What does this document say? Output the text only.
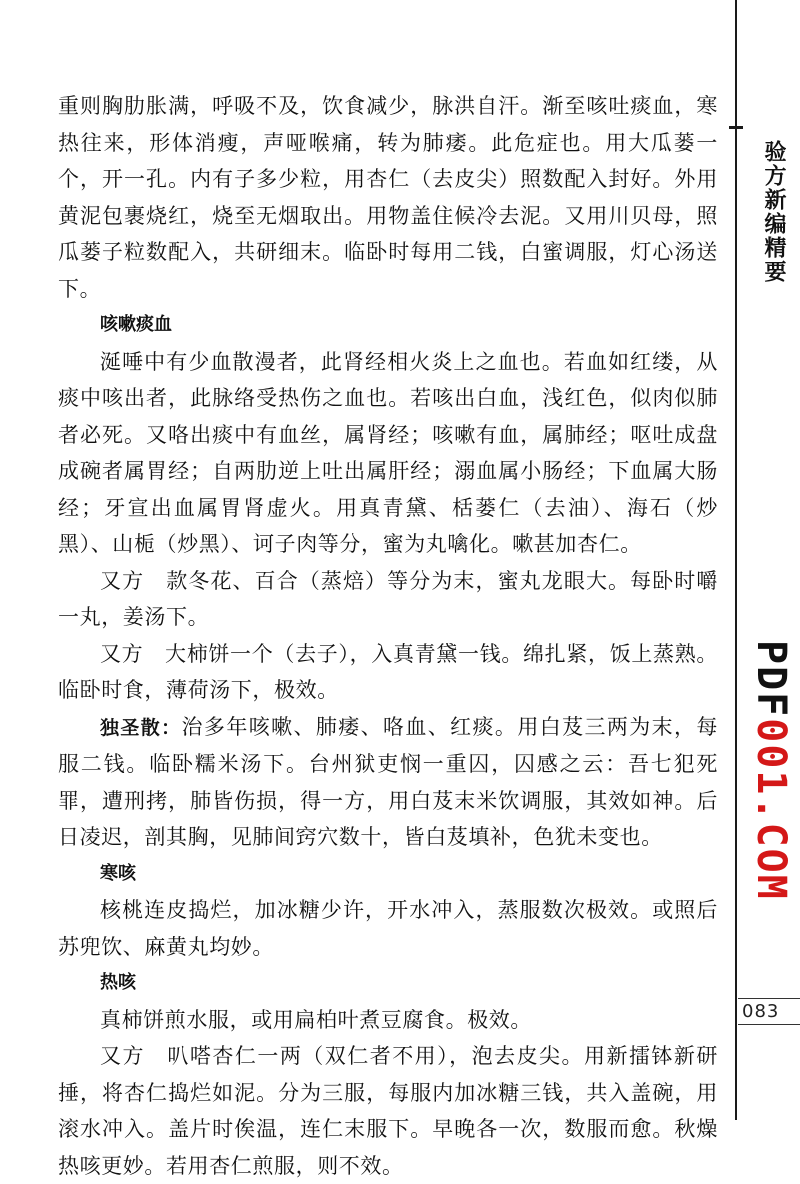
验方新编精要
PDF001.COM
083

重则胸肋胀满，呼吸不及，饮食减少，脉洪自汗。渐至咳吐痰血，寒热往来，形体消瘦，声哑喉痛，转为肺痿。此危症也。用大瓜蒌一个，开一孔。内有子多少粒，用杏仁（去皮尖）照数配入封好。外用黄泥包裹烧红，烧至无烟取出。用物盖住候冷去泥。又用川贝母，照瓜蒌子粒数配入，共研细末。临卧时每用二钱，白蜜调服，灯心汤送下。

咳嗽痰血

涎唾中有少血散漫者，此肾经相火炎上之血也。若血如红缕，从痰中咳出者，此脉络受热伤之血也。若咳出白血，浅红色，似肉似肺者必死。又咯出痰中有血丝，属肾经；咳嗽有血，属肺经；呕吐成盘成碗者属胃经；自两肋逆上吐出属肝经；溺血属小肠经；下血属大肠经；牙宣出血属胃肾虚火。用真青黛、栝蒌仁（去油）、海石（炒黑）、山栀（炒黑）、诃子肉等分，蜜为丸噙化。嗽甚加杏仁。

又方　款冬花、百合（蒸焙）等分为末，蜜丸龙眼大。每卧时嚼一丸，姜汤下。

又方　大柿饼一个（去子），入真青黛一钱。绵扎紧，饭上蒸熟。临卧时食，薄荷汤下，极效。

独圣散：治多年咳嗽、肺痿、咯血、红痰。用白芨三两为末，每服二钱。临卧糯米汤下。台州狱吏悯一重囚，囚感之云：吾七犯死罪，遭刑拷，肺皆伤损，得一方，用白芨末米饮调服，其效如神。后日凌迟，剖其胸，见肺间窍穴数十，皆白芨填补，色犹未变也。

寒咳

核桃连皮捣烂，加冰糖少许，开水冲入，蒸服数次极效。或照后苏兜饮、麻黄丸均妙。

热咳

真柿饼煎水服，或用扁柏叶煮豆腐食。极效。

又方　叭嗒杏仁一两（双仁者不用），泡去皮尖。用新擂钵新研捶，将杏仁捣烂如泥。分为三服，每服内加冰糖三钱，共入盖碗，用滚水冲入。盖片时俟温，连仁末服下。早晚各一次，数服而愈。秋燥热咳更妙。若用杏仁煎服，则不效。
